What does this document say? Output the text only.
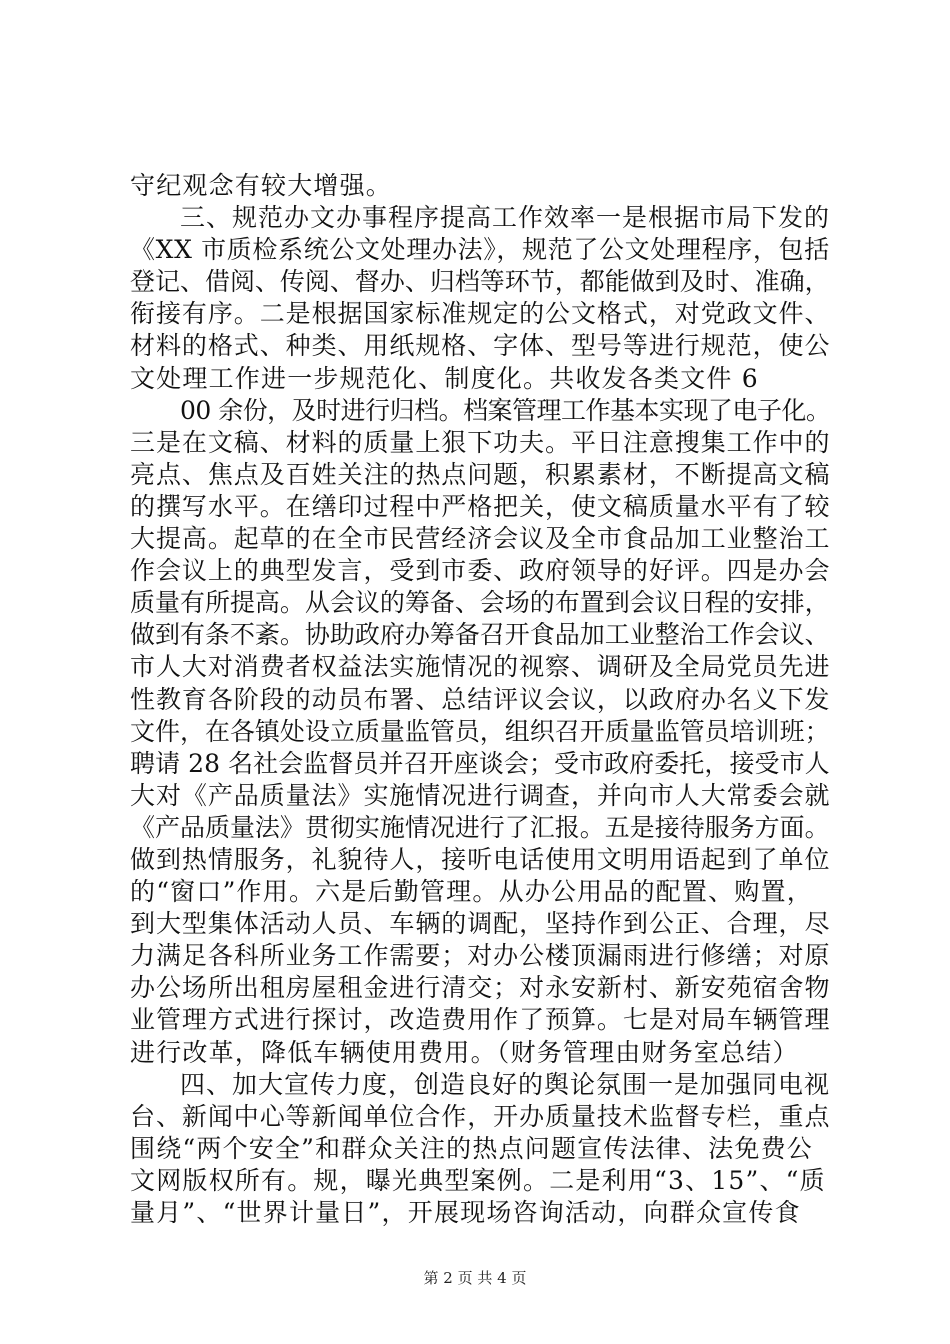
守纪观念有较大增强。
三、规范办文办事程序提高工作效率一是根据市局下发的
《XX 市质检系统公文处理办法》，规范了公文处理程序，包括
登记、借阅、传阅、督办、归档等环节，都能做到及时、准确，
衔接有序。二是根据国家标准规定的公文格式，对党政文件、
材料的格式、种类、用纸规格、字体、型号等进行规范，使公
文处理工作进一步规范化、制度化。共收发各类文件 6
00 余份，及时进行归档。档案管理工作基本实现了电子化。
三是在文稿、材料的质量上狠下功夫。平日注意搜集工作中的
亮点、焦点及百姓关注的热点问题，积累素材，不断提高文稿
的撰写水平。在缮印过程中严格把关，使文稿质量水平有了较
大提高。起草的在全市民营经济会议及全市食品加工业整治工
作会议上的典型发言，受到市委、政府领导的好评。四是办会
质量有所提高。从会议的筹备、会场的布置到会议日程的安排，
做到有条不紊。协助政府办筹备召开食品加工业整治工作会议、
市人大对消费者权益法实施情况的视察、调研及全局党员先进
性教育各阶段的动员布署、总结评议会议，以政府办名义下发
文件，在各镇处设立质量监管员，组织召开质量监管员培训班；
聘请 28 名社会监督员并召开座谈会；受市政府委托，接受市人
大对《产品质量法》实施情况进行调查，并向市人大常委会就
《产品质量法》贯彻实施情况进行了汇报。五是接待服务方面。
做到热情服务，礼貌待人，接听电话使用文明用语起到了单位
的“窗口”作用。六是后勤管理。从办公用品的配置、购置，
到大型集体活动人员、车辆的调配，坚持作到公正、合理，尽
力满足各科所业务工作需要；对办公楼顶漏雨进行修缮；对原
办公场所出租房屋租金进行清交；对永安新村、新安苑宿舍物
业管理方式进行探讨，改造费用作了预算。七是对局车辆管理
进行改革，降低车辆使用费用。（财务管理由财务室总结）
四、加大宣传力度，创造良好的舆论氛围一是加强同电视
台、新闻中心等新闻单位合作，开办质量技术监督专栏，重点
围绕“两个安全”和群众关注的热点问题宣传法律、法免费公
文网版权所有。规，曝光典型案例。二是利用“3、15”、“质
量月”、“世界计量日”，开展现场咨询活动，向群众宣传食
第 2 页 共 4 页
